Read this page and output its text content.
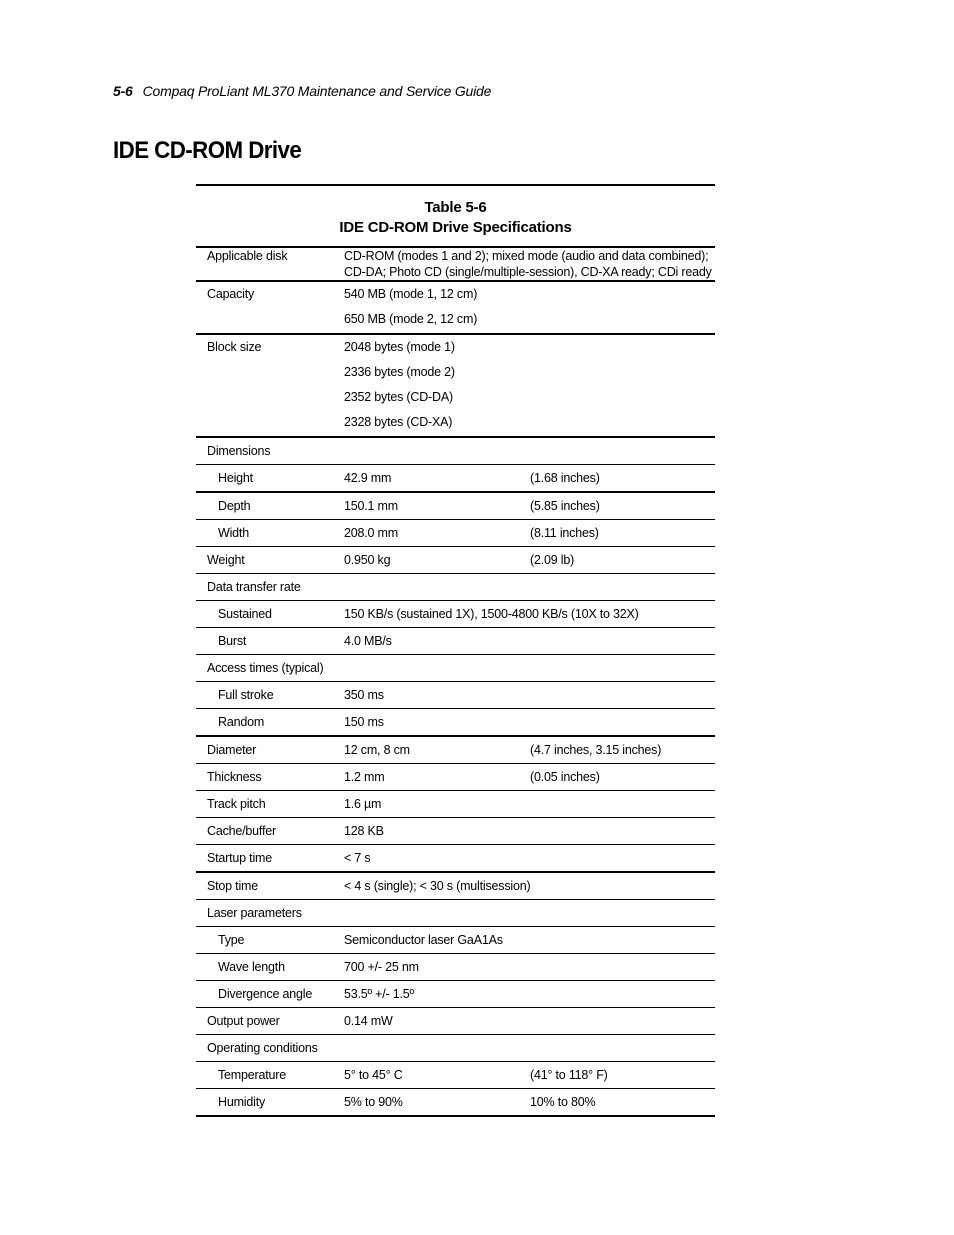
5-6 Compaq ProLiant ML370 Maintenance and Service Guide
IDE CD-ROM Drive
Table 5-6
IDE CD-ROM Drive Specifications

Applicable disk	CD-ROM (modes 1 and 2); mixed mode (audio and data combined); CD-DA; Photo CD (single/multiple-session), CD-XA ready; CDi ready	

Capacity	540 MB (mode 1, 12 cm)
650 MB (mode 2, 12 cm)	

Block size	2048 bytes (mode 1)
2336 bytes (mode 2)
2352 bytes (CD-DA)
2328 bytes (CD-XA)	

Dimensions		
Height	42.9 mm	(1.68 inches)
Depth	150.1 mm	(5.85 inches)
Width	208.0 mm	(8.11 inches)
Weight	0.950 kg	(2.09 lb)
Data transfer rate		
Sustained	150 KB/s (sustained 1X), 1500-4800 KB/s (10X to 32X)	
Burst	4.0 MB/s	
Access times (typical)		
Full stroke	350 ms	
Random	150 ms	
Diameter	12 cm, 8 cm	(4.7 inches, 3.15 inches)
Thickness	1.2 mm	(0.05 inches)
Track pitch	1.6 µm	
Cache/buffer	128 KB	
Startup time	< 7 s	
Stop time	< 4 s (single); < 30 s (multisession)	
Laser parameters		
Type	Semiconductor laser GaA1As	
Wave length	700 +/- 25 nm	
Divergence angle	53.5º +/- 1.5º	
Output power	0.14 mW	
Operating conditions		
Temperature	5° to 45° C	(41° to 118° F)
Humidity	5% to 90%	10% to 80%
